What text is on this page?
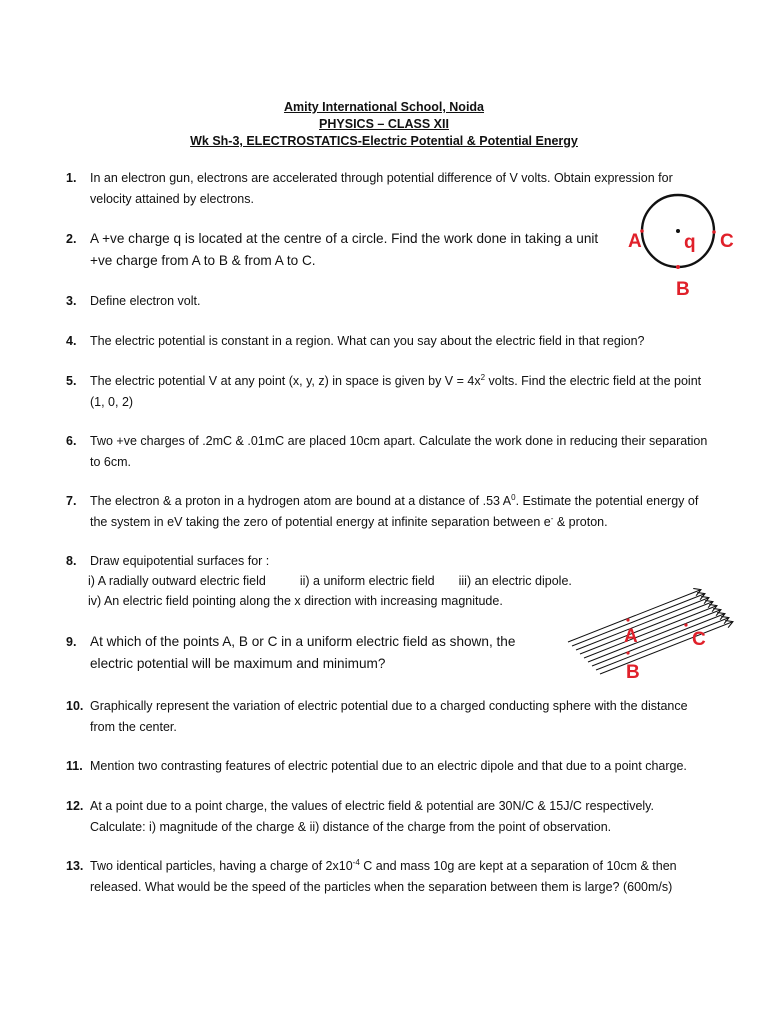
Amity International School, Noida
PHYSICS – CLASS XII
Wk Sh-3, ELECTROSTATICS-Electric Potential & Potential Energy
1. In an electron gun, electrons are accelerated through potential difference of V volts. Obtain expression for
velocity attained by electrons.
2. A +ve charge q is located at the centre of a circle. Find the work done in taking a unit
+ve charge from A to B & from A to C.
3. Define electron volt.
4. The electric potential is constant in a region. What can you say about the electric field in that region?
5. The electric potential V at any point (x, y, z) in space is given by $V = 4x^2$ volts. Find the electric field at the point
(1, 0, 2)
6. Two +ve charges of .2mC & .01mC are placed 10cm apart. Calculate the work done in reducing their separation
to 6cm.
7. The electron & a proton in a hydrogen atom are bound at a distance of .53 $A^0$. Estimate the potential energy of
the system in eV taking the zero of potential energy at infinite separation between e- & proton.
8. Draw equipotential surfaces for :
i) A radially outward electric field	ii) a uniform electric field iii) an electric dipole.
iv) An electric field pointing along the x direction with increasing magnitude.
9. At which of the points A, B or C in a uniform electric field as shown, the
electric potential will be maximum and minimum?
10. Graphically represent the variation of electric potential due to a charged conducting sphere with the distance
from the center.
11. Mention two contrasting features of electric potential due to an electric dipole and that due to a point charge.
12. At a point due to a point charge, the values of electric field & potential are 30N/C & 15J/C respectively.
Calculate: i) magnitude of the charge & ii) distance of the charge from the point of observation.
13. Two identical particles, having a charge of $2x10^{-4}$ C and mass 10g are kept at a separation of 10cm & then
released. What would be the speed of the particles when the separation between them is large? (600m/s)
A q C
B
A	C
B
